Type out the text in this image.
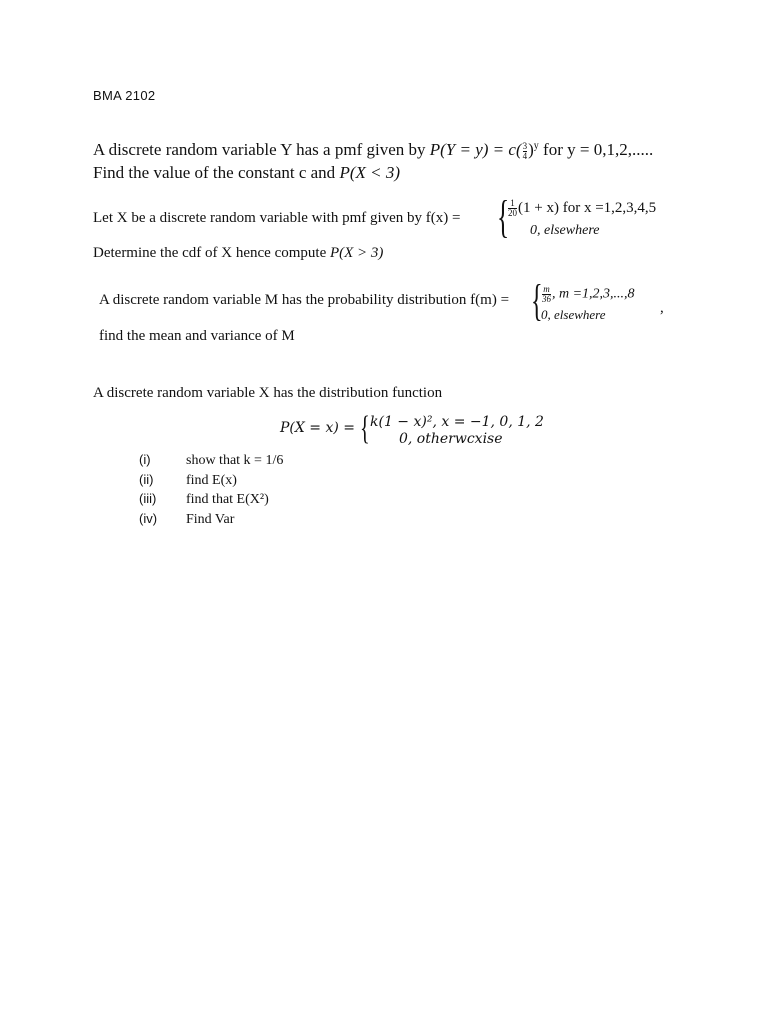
BMA 2102
A discrete random variable Y has a pmf given by $P(Y = y) = c( \frac{3}{4} )^y$ for y = 0,1,2,.....
Find the value of the constant c and P(X < 3)
Let X be a discrete random variable with pmf given by f(x) = {
$\frac{1}{20} (1 + x)$ for x =1,2,3,4,5
0, elsewhere
Determine the cdf of X hence compute P(X > 3)
A discrete random variable M has the probability distribution f(m) = { $\frac{m}{36}$ , m =1,2,3,...,8
0, elsewhere	,
find the mean and variance of M
A discrete random variable X has the distribution function
P(X = x) = { k(1 − x)², x = −1, 0, 1, 2
0, otherwcxise
(i)	show that k = 1/6
(ii) find E(x)
(iii) find that E(X²)
(iv) Find Var
